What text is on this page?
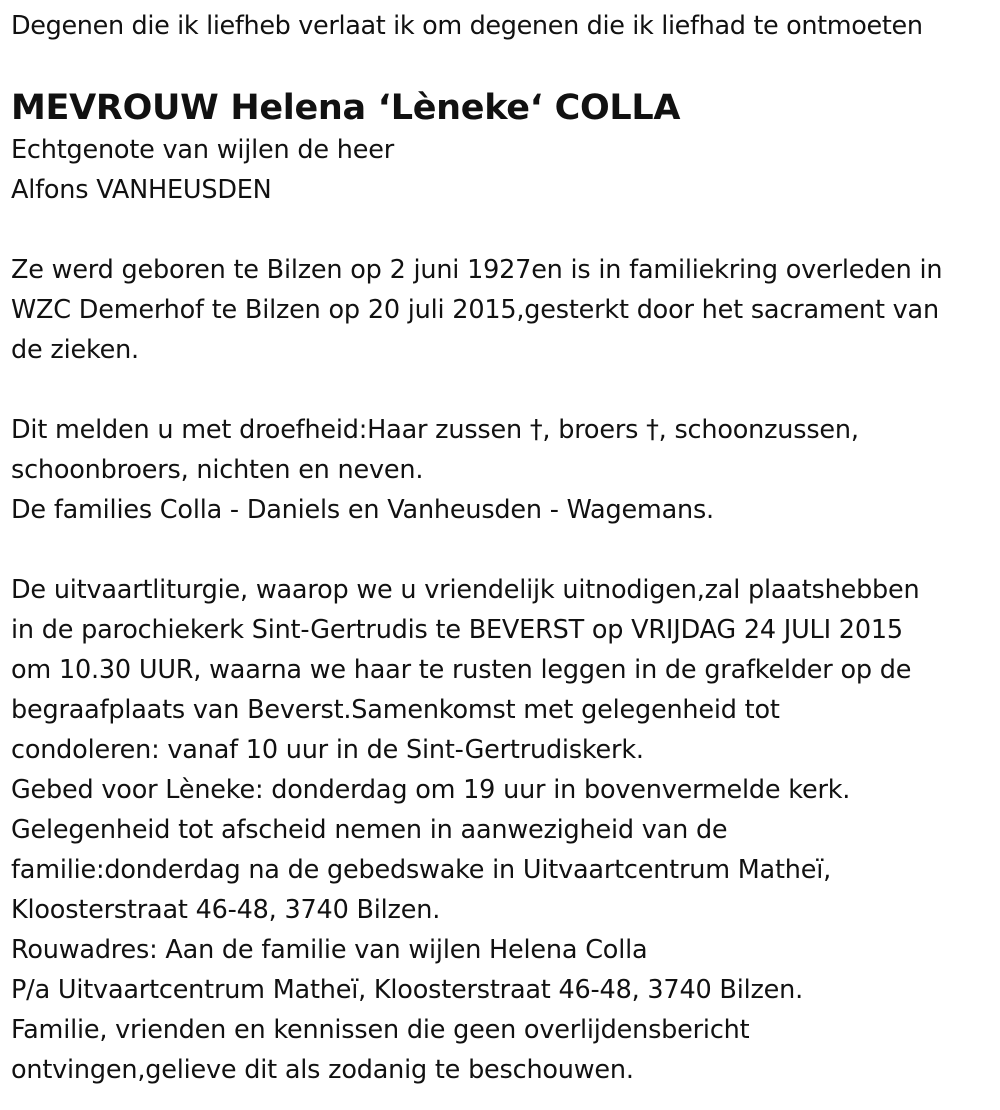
Degenen die ik liefheb verlaat ik om degenen die ik liefhad te ontmoeten
MEVROUW Helena ‘Lèneke‘ COLLA
Echtgenote van wijlen de heer
Alfons VANHEUSDEN
Ze werd geboren te Bilzen op 2 juni 1927en is in familiekring overleden in
WZC Demerhof te Bilzen op 20 juli 2015,gesterkt door het sacrament van
de zieken.
Dit melden u met droefheid:Haar zussen †, broers †, schoonzussen,
schoonbroers, nichten en neven.
De families Colla - Daniels en Vanheusden - Wagemans.
De uitvaartliturgie, waarop we u vriendelijk uitnodigen,zal plaatshebben
in de parochiekerk Sint-Gertrudis te BEVERST op VRIJDAG 24 JULI 2015
om 10.30 UUR, waarna we haar te rusten leggen in de grafkelder op de
begraafplaats van Beverst.Samenkomst met gelegenheid tot
condoleren: vanaf 10 uur in de Sint-Gertrudiskerk.
Gebed voor Lèneke: donderdag om 19 uur in bovenvermelde kerk.
Gelegenheid tot afscheid nemen in aanwezigheid van de
familie:donderdag na de gebedswake in Uitvaartcentrum Matheï,
Kloosterstraat 46-48, 3740 Bilzen.
Rouwadres: Aan de familie van wijlen Helena Colla
P/a Uitvaartcentrum Matheï, Kloosterstraat 46-48, 3740 Bilzen.
Familie, vrienden en kennissen die geen overlijdensbericht
ontvingen,gelieve dit als zodanig te beschouwen.
